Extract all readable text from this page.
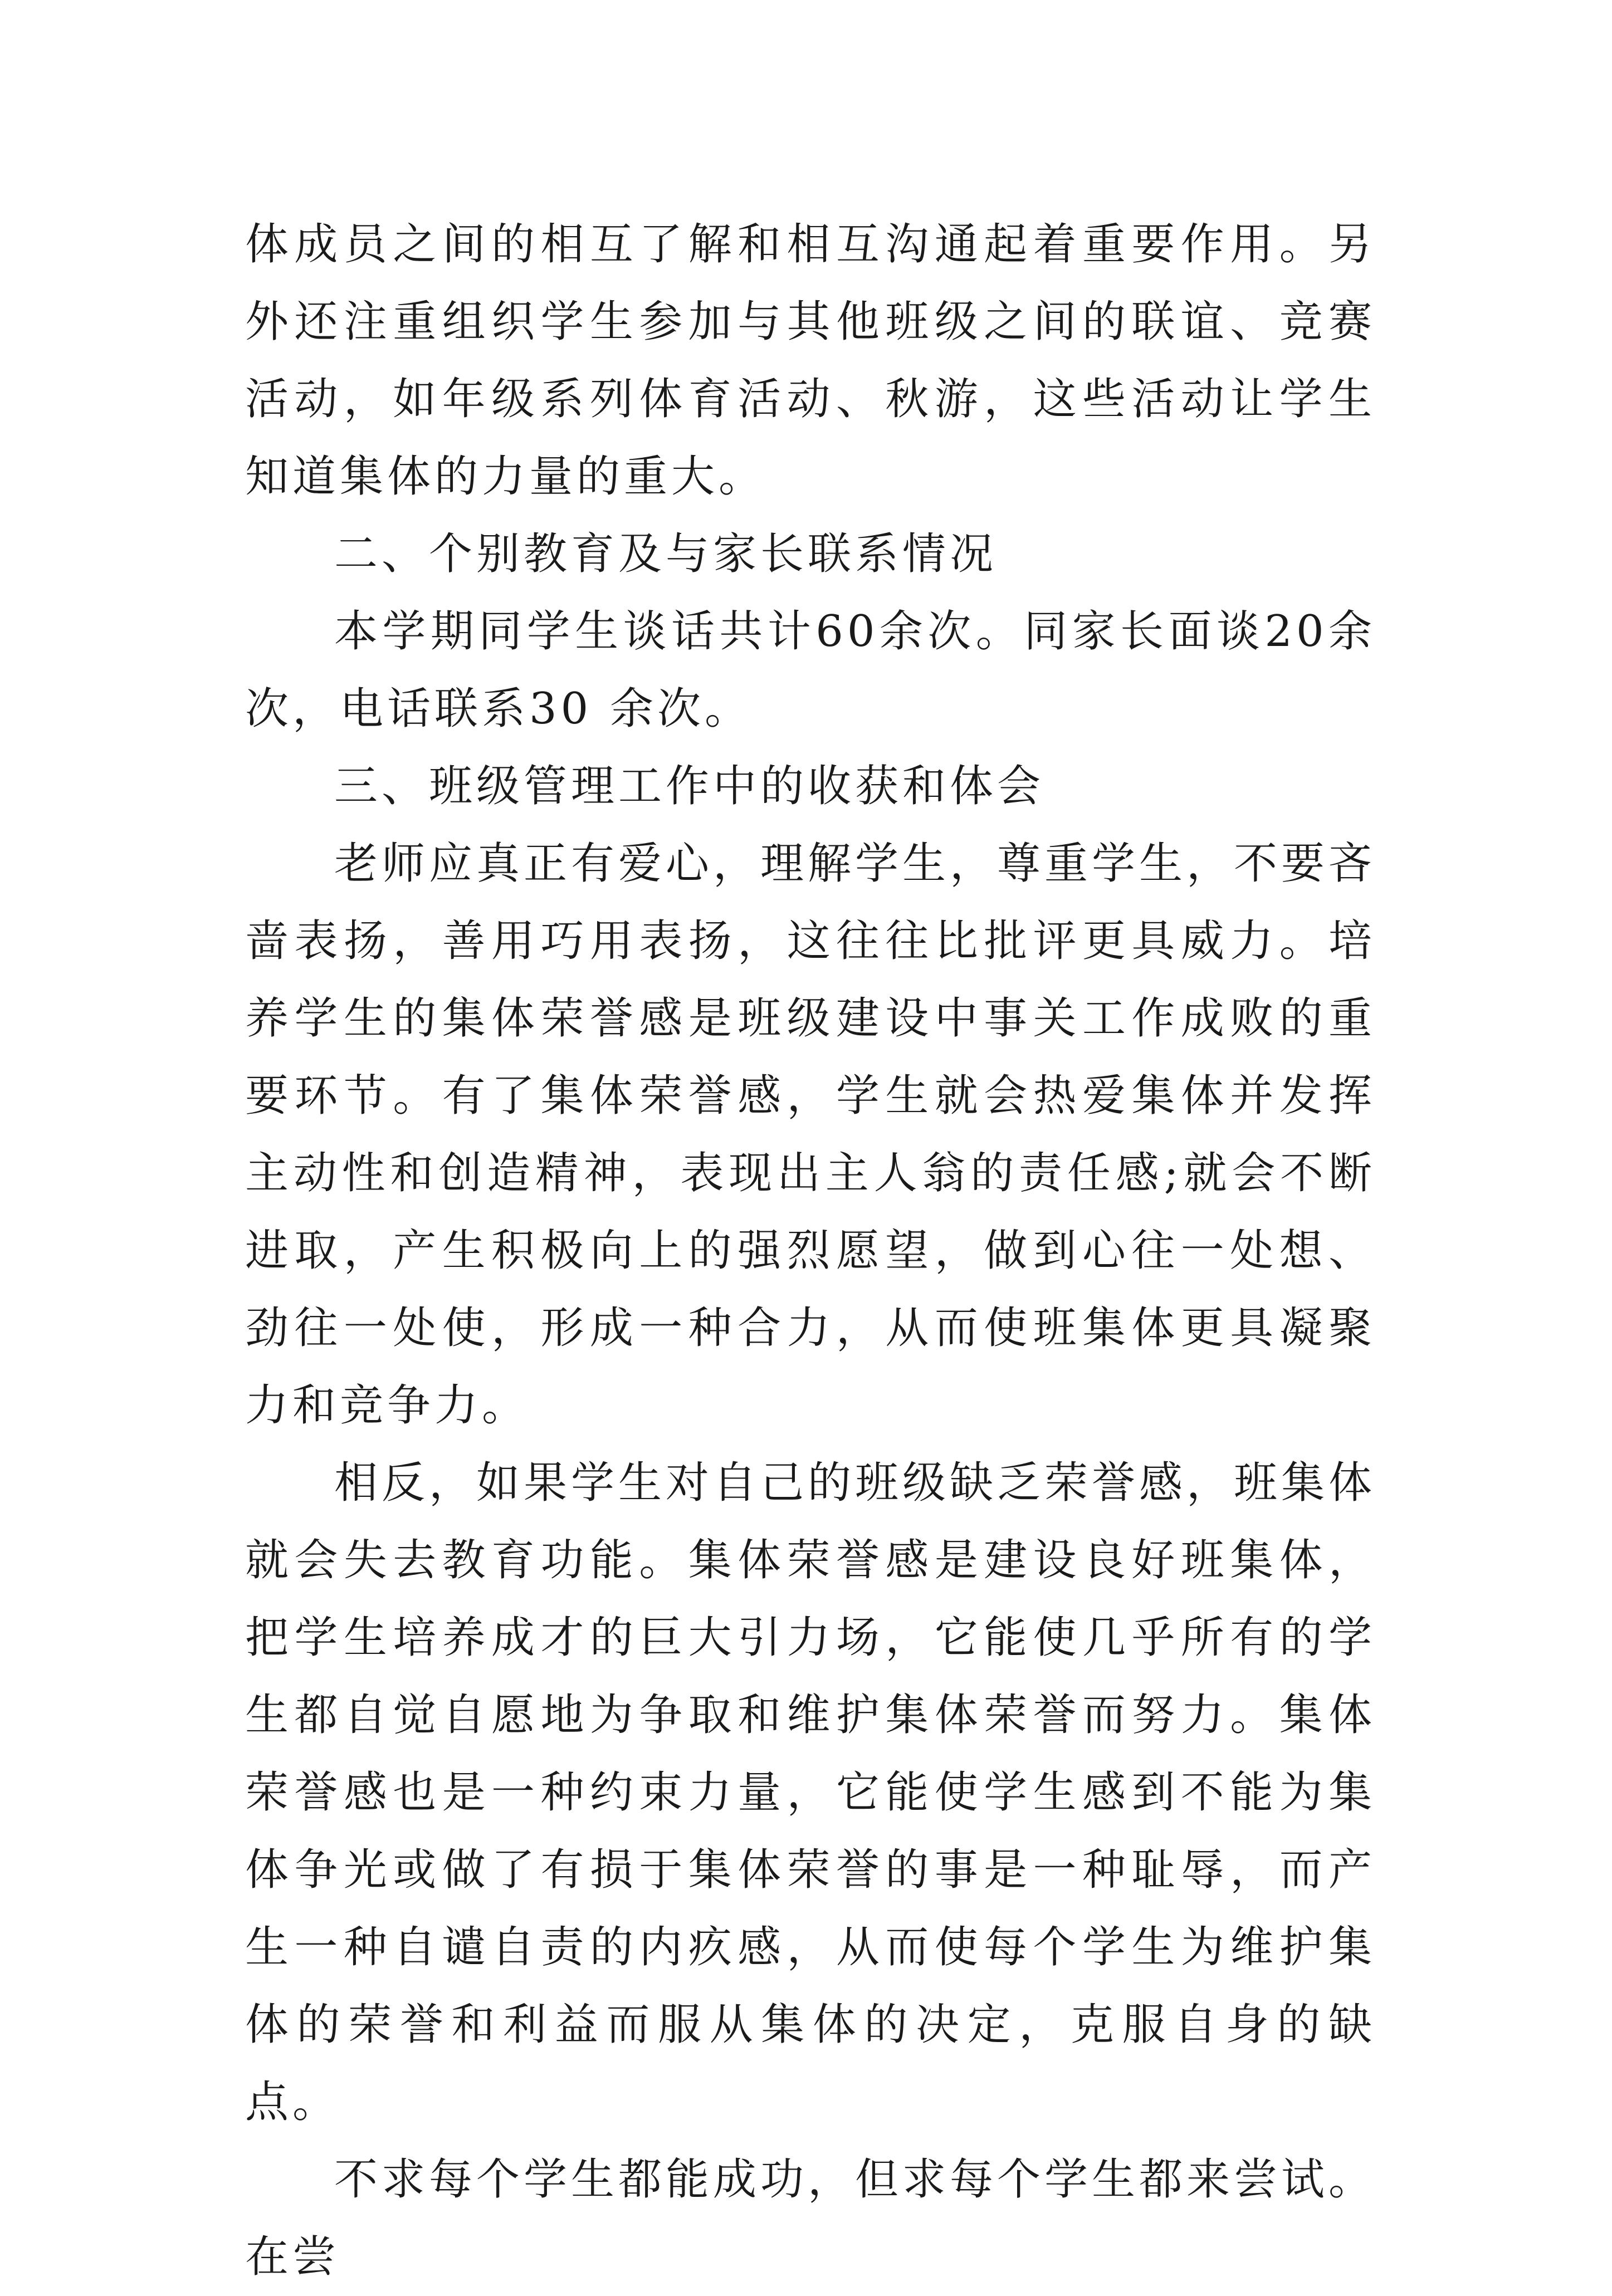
体成员之间的相互了解和相互沟通起着重要作用。另外还注重组织学生参加与其他班级之间的联谊、竞赛活动，如年级系列体育活动、秋游，这些活动让学生知道集体的力量的重大。

二、个别教育及与家长联系情况

本学期同学生谈话共计60余次。同家长面谈20余次，电话联系30 余次。

三、班级管理工作中的收获和体会

老师应真正有爱心，理解学生，尊重学生，不要吝啬表扬，善用巧用表扬，这往往比批评更具威力。培养学生的集体荣誉感是班级建设中事关工作成败的重要环节。有了集体荣誉感，学生就会热爱集体并发挥主动性和创造精神，表现出主人翁的责任感;就会不断进取，产生积极向上的强烈愿望，做到心往一处想、劲往一处使，形成一种合力，从而使班集体更具凝聚力和竞争力。

相反，如果学生对自己的班级缺乏荣誉感，班集体就会失去教育功能。集体荣誉感是建设良好班集体，把学生培养成才的巨大引力场，它能使几乎所有的学生都自觉自愿地为争取和维护集体荣誉而努力。集体荣誉感也是一种约束力量，它能使学生感到不能为集体争光或做了有损于集体荣誉的事是一种耻辱，而产生一种自谴自责的内疚感，从而使每个学生为维护集体的荣誉和利益而服从集体的决定，克服自身的缺点。

不求每个学生都能成功，但求每个学生都来尝试。在尝
